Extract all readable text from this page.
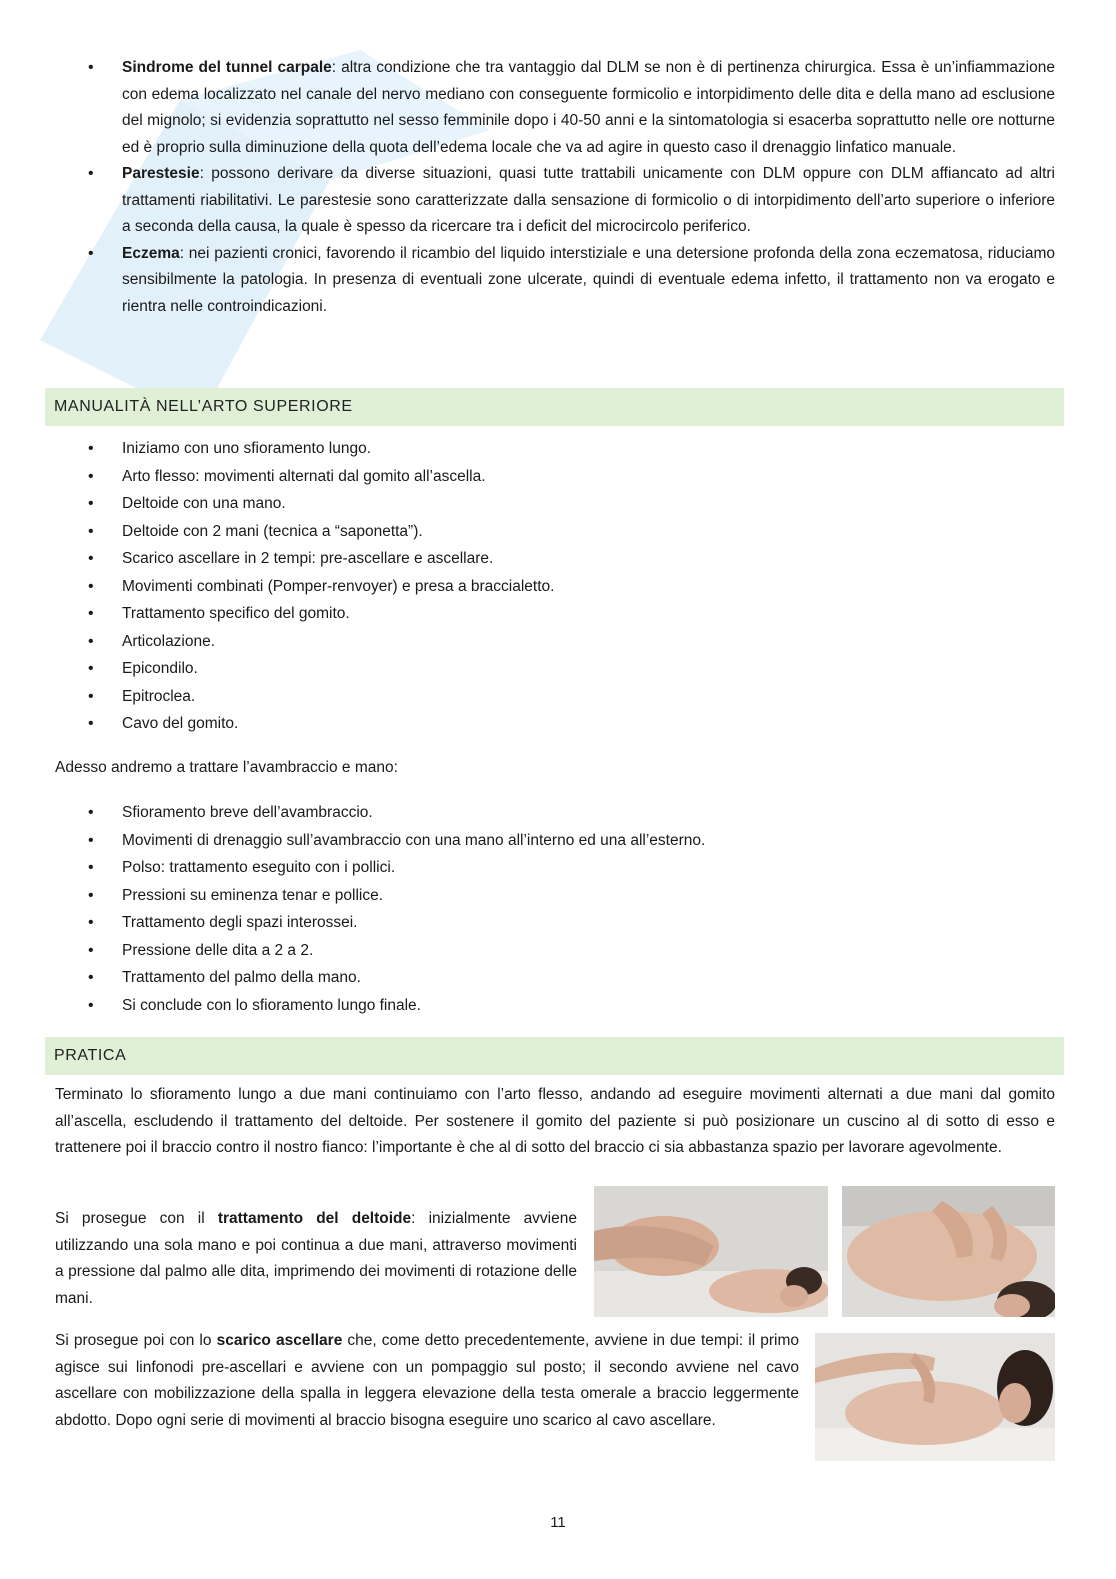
• Sindrome del tunnel carpale: altra condizione che tra vantaggio dal DLM se non è di pertinenza chirurgica. Essa è un’infiammazione con edema localizzato nel canale del nervo mediano con conseguente formicolio e intorpidimento delle dita e della mano ad esclusione del mignolo; si evidenzia soprattutto nel sesso femminile dopo i 40-50 anni e la sintomatologia si esacerba soprattutto nelle ore notturne ed è proprio sulla diminuzione della quota dell’edema locale che va ad agire in questo caso il drenaggio linfatico manuale.
• Parestesie: possono derivare da diverse situazioni, quasi tutte trattabili unicamente con DLM oppure con DLM affiancato ad altri trattamenti riabilitativi. Le parestesie sono caratterizzate dalla sensazione di formicolio o di intorpidimento dell’arto superiore o inferiore a seconda della causa, la quale è spesso da ricercare tra i deficit del microcircolo periferico.
• Eczema: nei pazienti cronici, favorendo il ricambio del liquido interstiziale e una detersione profonda della zona eczematosa, riduciamo sensibilmente la patologia. In presenza di eventuali zone ulcerate, quindi di eventuale edema infetto, il trattamento non va erogato e rientra nelle controindicazioni.
MANUALITÀ NELL’ARTO SUPERIORE
• Iniziamo con uno sfioramento lungo.
• Arto flesso: movimenti alternati dal gomito all’ascella.
• Deltoide con una mano.
• Deltoide con 2 mani (tecnica a “saponetta”).
• Scarico ascellare in 2 tempi: pre-ascellare e ascellare.
• Movimenti combinati (Pomper-renvoyer) e presa a braccialetto.
• Trattamento specifico del gomito.
• Articolazione.
• Epicondilo.
• Epitroclea.
• Cavo del gomito.

Adesso andremo a trattare l’avambraccio e mano:

• Sfioramento breve dell’avambraccio.
• Movimenti di drenaggio sull’avambraccio con una mano all’interno ed una all’esterno.
• Polso: trattamento eseguito con i pollici.
• Pressioni su eminenza tenar e pollice.
• Trattamento degli spazi interossei.
• Pressione delle dita a 2 a 2.
• Trattamento del palmo della mano.
• Si conclude con lo sfioramento lungo finale.
PRATICA

Terminato lo sfioramento lungo a due mani continuiamo con l’arto flesso, andando ad eseguire movimenti alternati a due mani dal gomito all’ascella, escludendo il trattamento del deltoide. Per sostenere il gomito del paziente si può posizionare un cuscino al di sotto di esso e trattenere poi il braccio contro il nostro fianco: l’importante è che al di sotto del braccio ci sia abbastanza spazio per lavorare agevolmente.

Si prosegue con il trattamento del deltoide: inizialmente avviene utilizzando una sola mano e poi continua a due mani, attraverso movimenti a pressione dal palmo alle dita, imprimendo dei movimenti di rotazione delle mani.

Si prosegue poi con lo scarico ascellare che, come detto precedentemente, avviene in due tempi: il primo agisce sui linfonodi pre-ascellari e avviene con un pompaggio sul posto; il secondo avviene nel cavo ascellare con mobilizzazione della spalla in leggera elevazione della testa omerale a braccio leggermente abdotto. Dopo ogni serie di movimenti al braccio bisogna eseguire uno scarico al cavo ascellare.

11
